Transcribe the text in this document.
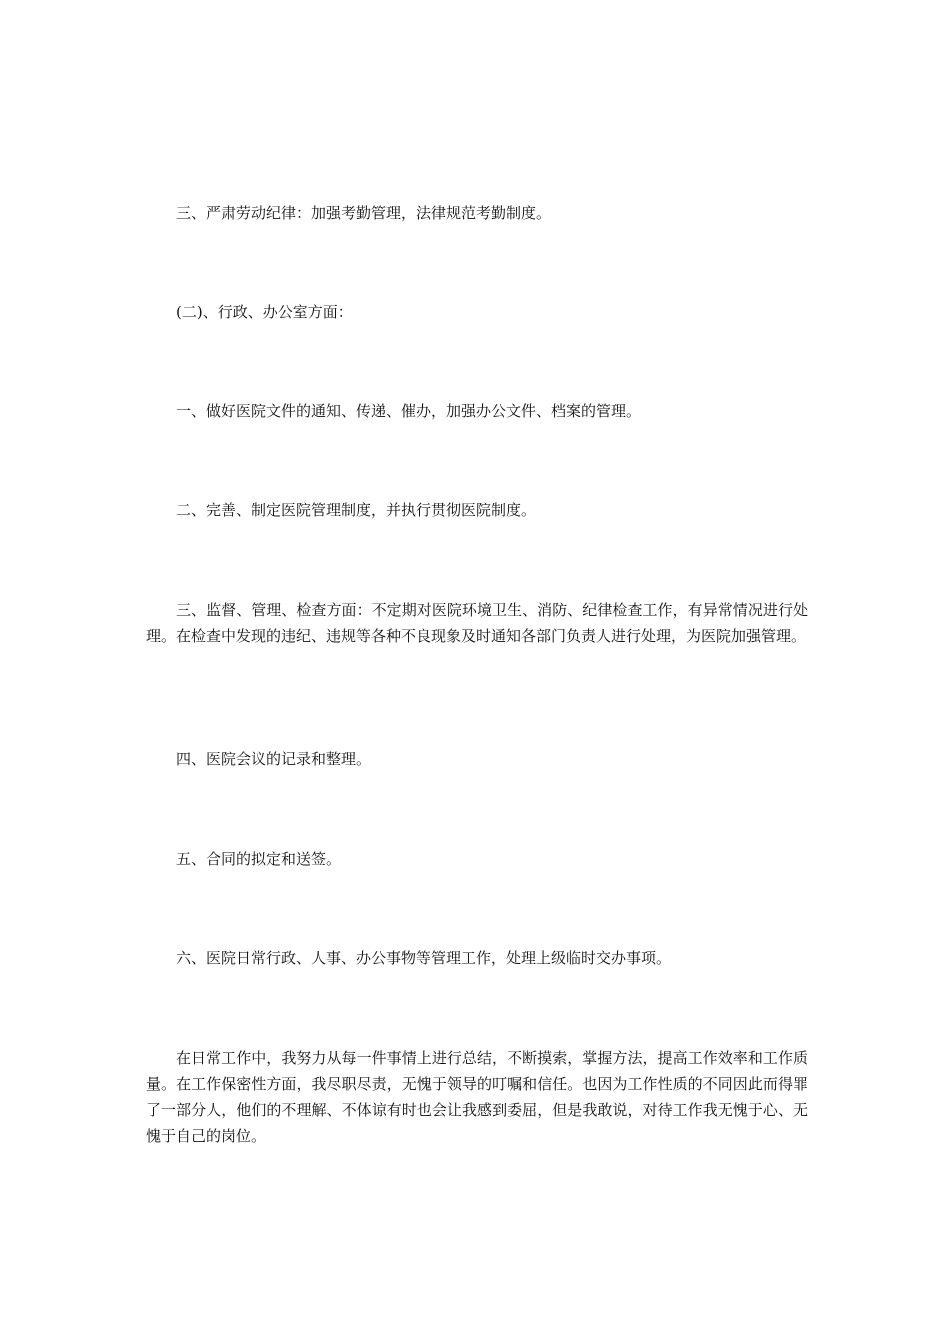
三、严肃劳动纪律：加强考勤管理，法律规范考勤制度。

(二)、行政、办公室方面：

一、做好医院文件的通知、传递、催办，加强办公文件、档案的管理。

二、完善、制定医院管理制度，并执行贯彻医院制度。

三、监督、管理、检查方面：不定期对医院环境卫生、消防、纪律检查工作，有异常情况进行处理。在检查中发现的违纪、违规等各种不良现象及时通知各部门负责人进行处理，为医院加强管理。

四、医院会议的记录和整理。

五、合同的拟定和送签。

六、医院日常行政、人事、办公事物等管理工作，处理上级临时交办事项。

在日常工作中，我努力从每一件事情上进行总结，不断摸索，掌握方法，提高工作效率和工作质量。在工作保密性方面，我尽职尽责，无愧于领导的叮嘱和信任。也因为工作性质的不同因此而得罪了一部分人，他们的不理解、不体谅有时也会让我感到委屈，但是我敢说，对待工作我无愧于心、无愧于自己的岗位。
